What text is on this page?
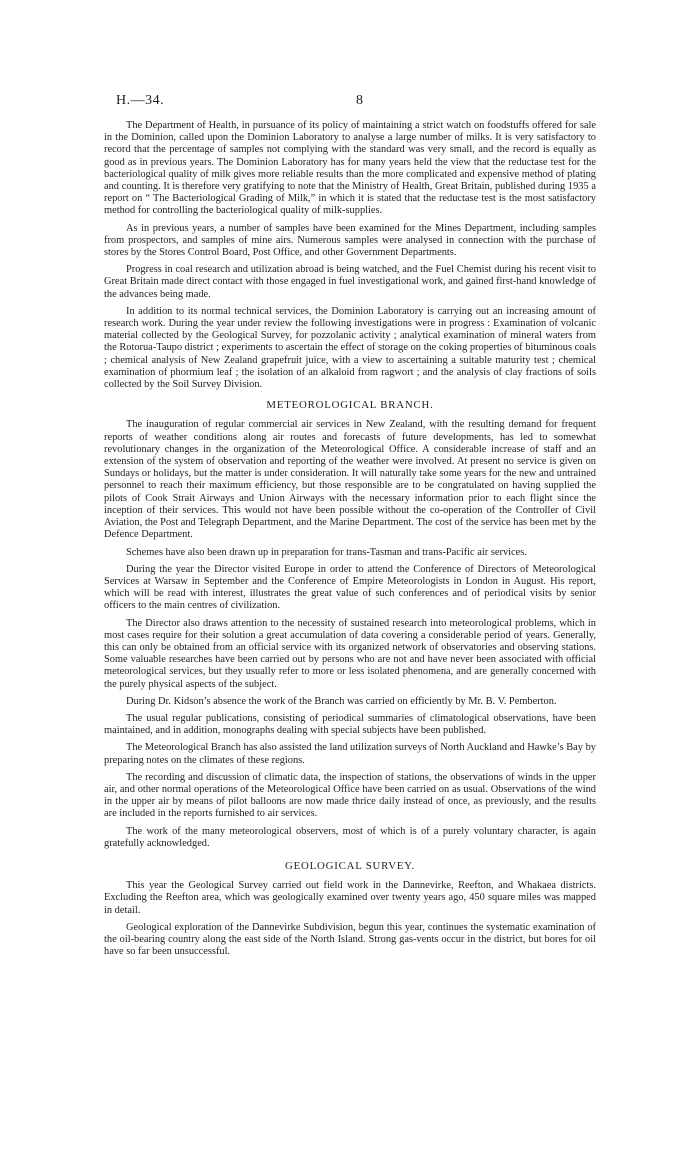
H.—34.	8

The Department of Health, in pursuance of its policy of maintaining a strict watch on foodstuffs offered for sale in the Dominion, called upon the Dominion Laboratory to analyse a large number of milks. It is very satisfactory to record that the percentage of samples not complying with the standard was very small, and the record is equally as good as in previous years. The Dominion Laboratory has for many years held the view that the reductase test for the bacteriological quality of milk gives more reliable results than the more complicated and expensive method of plating and counting. It is therefore very gratifying to note that the Ministry of Health, Great Britain, published during 1935 a report on “ The Bacteriological Grading of Milk,” in which it is stated that the reductase test is the most satisfactory method for controlling the bacteriological quality of milk-supplies.

As in previous years, a number of samples have been examined for the Mines Department, including samples from prospectors, and samples of mine airs. Numerous samples were analysed in connection with the purchase of stores by the Stores Control Board, Post Office, and other Government Departments.

Progress in coal research and utilization abroad is being watched, and the Fuel Chemist during his recent visit to Great Britain made direct contact with those engaged in fuel investigational work, and gained first-hand knowledge of the advances being made.

In addition to its normal technical services, the Dominion Laboratory is carrying out an increasing amount of research work. During the year under review the following investigations were in progress : Examination of volcanic material collected by the Geological Survey, for pozzolanic activity ; analytical examination of mineral waters from the Rotorua-Taupo district ; experiments to ascertain the effect of storage on the coking properties of bituminous coals ; chemical analysis of New Zealand grapefruit juice, with a view to ascertaining a suitable maturity test ; chemical examination of phormium leaf ; the isolation of an alkaloid from ragwort ; and the analysis of clay fractions of soils collected by the Soil Survey Division.

METEOROLOGICAL BRANCH.

The inauguration of regular commercial air services in New Zealand, with the resulting demand for frequent reports of weather conditions along air routes and forecasts of future developments, has led to somewhat revolutionary changes in the organization of the Meteorological Office. A considerable increase of staff and an extension of the system of observation and reporting of the weather were involved. At present no service is given on Sundays or holidays, but the matter is under consideration. It will naturally take some years for the new and untrained personnel to reach their maximum efficiency, but those responsible are to be congratulated on having supplied the pilots of Cook Strait Airways and Union Airways with the necessary information prior to each flight since the inception of their services. This would not have been possible without the co-operation of the Controller of Civil Aviation, the Post and Telegraph Department, and the Marine Department. The cost of the service has been met by the Defence Department.

Schemes have also been drawn up in preparation for trans-Tasman and trans-Pacific air services.

During the year the Director visited Europe in order to attend the Conference of Directors of Meteorological Services at Warsaw in September and the Conference of Empire Meteorologists in London in August. His report, which will be read with interest, illustrates the great value of such conferences and of periodical visits by senior officers to the main centres of civilization.

The Director also draws attention to the necessity of sustained research into meteorological problems, which in most cases require for their solution a great accumulation of data covering a considerable period of years. Generally, this can only be obtained from an official service with its organized network of observatories and observing stations. Some valuable researches have been carried out by persons who are not and have never been associated with official meteorological services, but they usually refer to more or less isolated phenomena, and are generally concerned with the purely physical aspects of the subject.

During Dr. Kidson’s absence the work of the Branch was carried on efficiently by Mr. B. V. Pemberton.

The usual regular publications, consisting of periodical summaries of climatological observations, have been maintained, and in addition, monographs dealing with special subjects have been published.

The Meteorological Branch has also assisted the land utilization surveys of North Auckland and Hawke’s Bay by preparing notes on the climates of these regions.

The recording and discussion of climatic data, the inspection of stations, the observations of winds in the upper air, and other normal operations of the Meteorological Office have been carried on as usual. Observations of the wind in the upper air by means of pilot balloons are now made thrice daily instead of once, as previously, and the results are included in the reports furnished to air services.

The work of the many meteorological observers, most of which is of a purely voluntary character, is again gratefully acknowledged.

GEOLOGICAL SURVEY.

This year the Geological Survey carried out field work in the Dannevirke, Reefton, and Whakaea districts. Excluding the Reefton area, which was geologically examined over twenty years ago, 450 square miles was mapped in detail.

Geological exploration of the Dannevirke Subdivision, begun this year, continues the systematic examination of the oil-bearing country along the east side of the North Island. Strong gas-vents occur in the district, but bores for oil have so far been unsuccessful.
